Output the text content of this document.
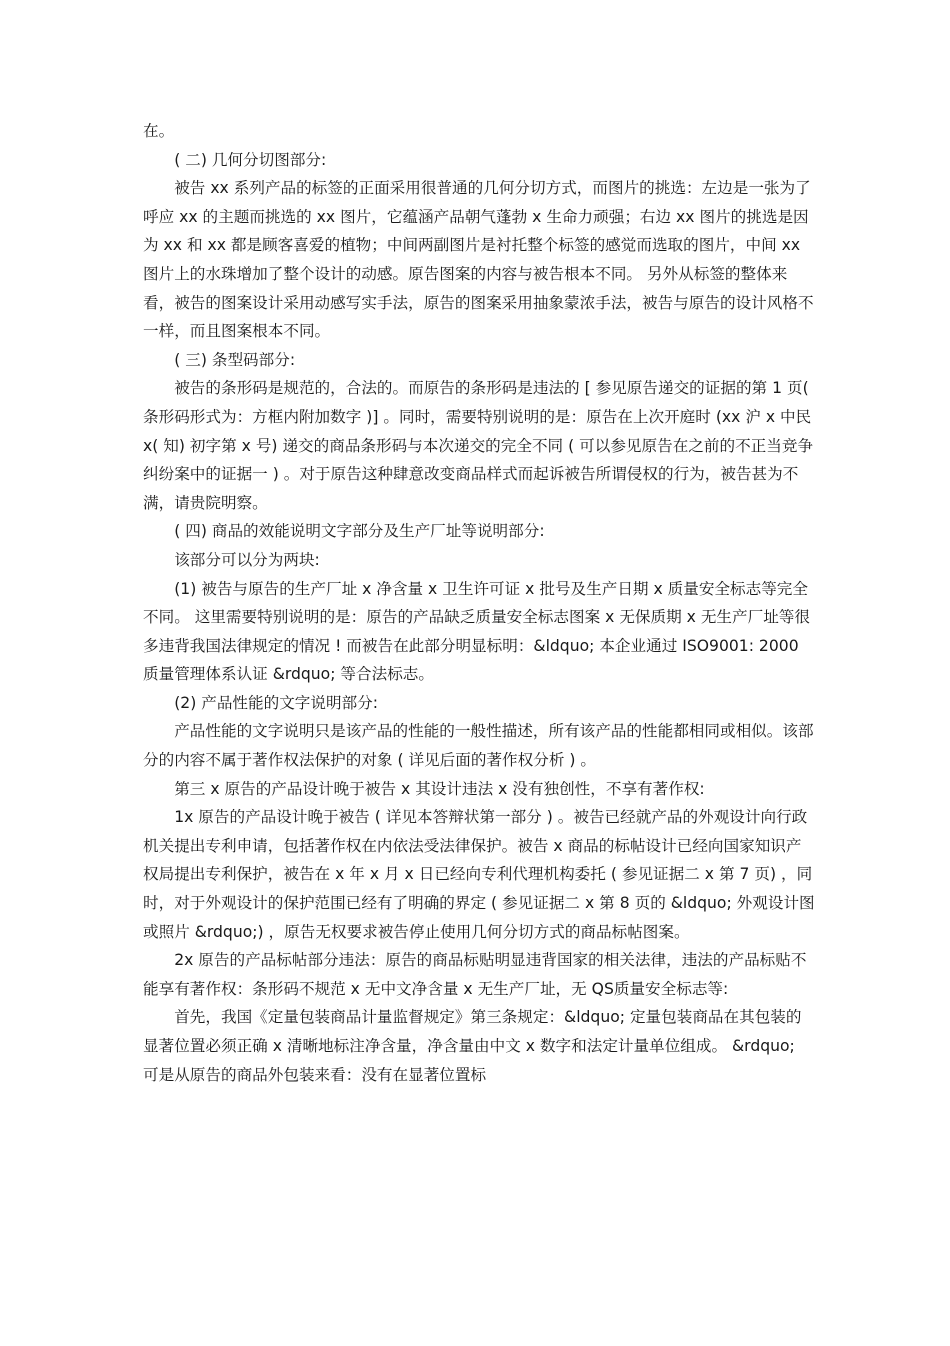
在。

( 二) 几何分切图部分:

被告 xx 系列产品的标签的正面采用很普通的几何分切方式，而图片的挑选：左边是一张为了呼应 xx 的主题而挑选的 xx 图片，它蕴涵产品朝气蓬勃 x 生命力顽强；右边 xx 图片的挑选是因为 xx 和 xx 都是顾客喜爱的植物；中间两副图片是衬托整个标签的感觉而选取的图片，中间 xx 图片上的水珠增加了整个设计的动感。原告图案的内容与被告根本不同。 另外从标签的整体来看，被告的图案设计采用动感写实手法，原告的图案采用抽象蒙浓手法，被告与原告的设计风格不一样，而且图案根本不同。

( 三) 条型码部分:

被告的条形码是规范的，合法的。而原告的条形码是违法的 [ 参见原告递交的证据的第 1 页( 条形码形式为：方框内附加数字 )] 。同时，需要特别说明的是：原告在上次开庭时 (xx 沪 x 中民 x( 知) 初字第 x 号) 递交的商品条形码与本次递交的完全不同 ( 可以参见原告在之前的不正当竞争纠纷案中的证据一 ) 。对于原告这种肆意改变商品样式而起诉被告所谓侵权的行为，被告甚为不满，请贵院明察。

( 四) 商品的效能说明文字部分及生产厂址等说明部分:

该部分可以分为两块:

(1) 被告与原告的生产厂址 x 净含量 x 卫生许可证 x 批号及生产日期 x 质量安全标志等完全不同。 这里需要特别说明的是：原告的产品缺乏质量安全标志图案 x 无保质期 x 无生产厂址等很多违背我国法律规定的情况 ! 而被告在此部分明显标明：&ldquo; 本企业通过 ISO9001: 2000 质量管理体系认证 &rdquo; 等合法标志。

(2) 产品性能的文字说明部分:

产品性能的文字说明只是该产品的性能的一般性描述，所有该产品的性能都相同或相似。该部分的内容不属于著作权法保护的对象 ( 详见后面的著作权分析 ) 。

第三 x 原告的产品设计晚于被告 x 其设计违法 x 没有独创性，不享有著作权:

1x 原告的产品设计晚于被告 ( 详见本答辩状第一部分 ) 。被告已经就产品的外观设计向行政机关提出专利申请，包括著作权在内依法受法律保护。被告 x 商品的标帖设计已经向国家知识产权局提出专利保护，被告在 x 年 x 月 x 日已经向专利代理机构委托 ( 参见证据二 x 第 7 页) ，同时，对于外观设计的保护范围已经有了明确的界定 ( 参见证据二 x 第 8 页的 &ldquo; 外观设计图或照片 &rdquo;) ，原告无权要求被告停止使用几何分切方式的商品标帖图案。

2x 原告的产品标帖部分违法：原告的商品标贴明显违背国家的相关法律，违法的产品标贴不能享有著作权：条形码不规范 x 无中文净含量 x 无生产厂址，无 QS质量安全标志等:

首先，我国《定量包装商品计量监督规定》第三条规定：&ldquo; 定量包装商品在其包装的显著位置必须正确 x 清晰地标注净含量，净含量由中文 x 数字和法定计量单位组成。 &rdquo; 可是从原告的商品外包装来看：没有在显著位置标
